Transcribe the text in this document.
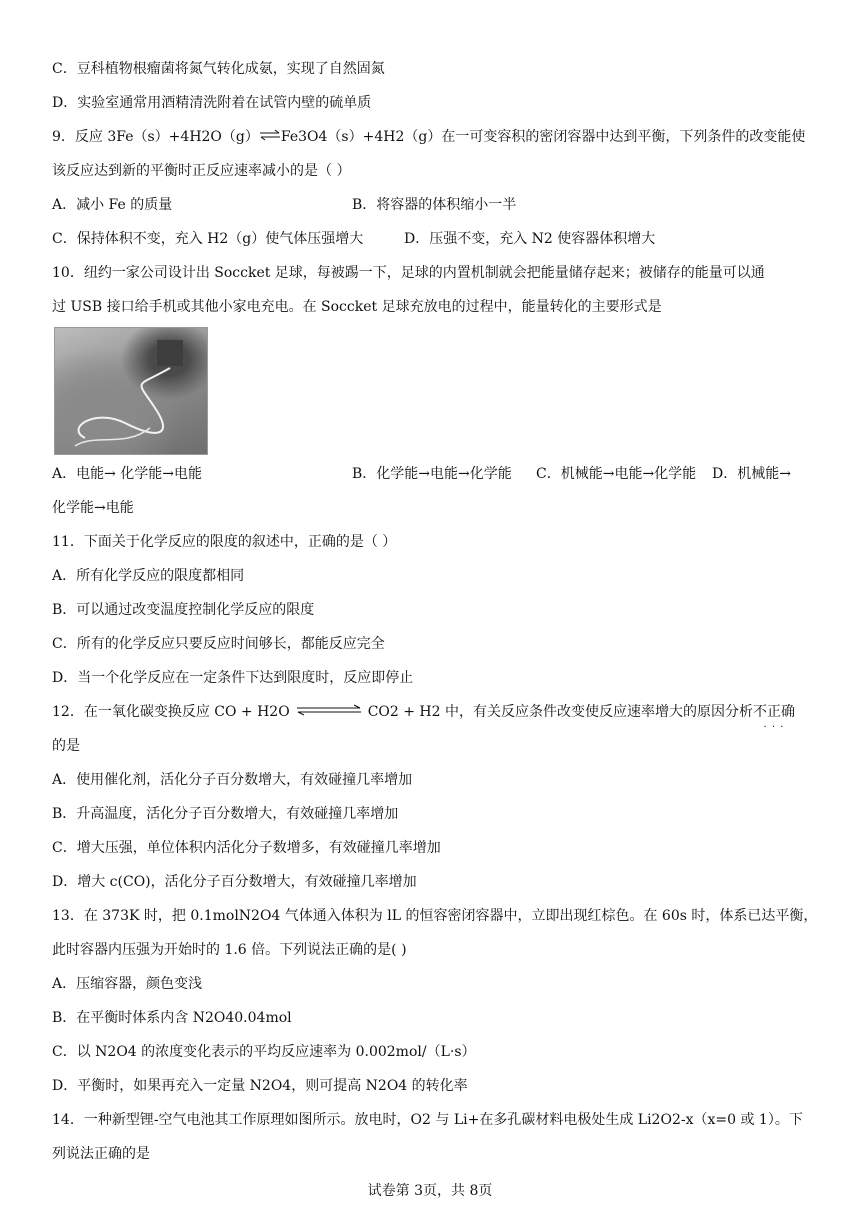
C．豆科植物根瘤菌将氮气转化成氨，实现了自然固氮
D．实验室通常用酒精清洗附着在试管内壁的硫单质
9．反应 3Fe（s）+4H2O（g）⇌Fe3O4（s）+4H2（g）在一可变容积的密闭容器中达到平衡，下列条件的改变能使
该反应达到新的平衡时正反应速率减小的是（ ）
A．减小 Fe 的质量	B．将容器的体积缩小一半
C．保持体积不变，充入 H2（g）使气体压强增大	D．压强不变，充入 N2 使容器体积增大
10．纽约一家公司设计出 Soccket 足球，每被踢一下，足球的内置机制就会把能量储存起来；被储存的能量可以通
过 USB 接口给手机或其他小家电充电。在 Soccket 足球充放电的过程中，能量转化的主要形式是
A．电能→ 化学能→电能	B．化学能→电能→化学能 C．机械能→电能→化学能 D．机械能→
化学能→电能
11．下面关于化学反应的限度的叙述中，正确的是（ ）
A．所有化学反应的限度都相同
B．可以通过改变温度控制化学反应的限度
C．所有的化学反应只要反应时间够长，都能反应完全
D．当一个化学反应在一定条件下达到限度时，反应即停止
12．在一氧化碳变换反应 CO + H2O	CO2 + H2 中，有关反应条件改变使反应速率增大的原因分析不正确 · · ·
的是
A．使用催化剂，活化分子百分数增大，有效碰撞几率增加
B．升高温度，活化分子百分数增大，有效碰撞几率增加
C．增大压强，单位体积内活化分子数增多，有效碰撞几率增加
D．增大 c(CO)，活化分子百分数增大，有效碰撞几率增加
13．在 373K 时，把 0.1molN2O4 气体通入体积为 lL 的恒容密闭容器中，立即出现红棕色。在 60s 时，体系已达平衡，
此时容器内压强为开始时的 1.6 倍。下列说法正确的是( )
A．压缩容器，颜色变浅
B．在平衡时体系内含 N2O40.04mol
C．以 N2O4 的浓度变化表示的平均反应速率为 0.002mol/（L·s）
D．平衡时，如果再充入一定量 N2O4，则可提高 N2O4 的转化率
14．一种新型锂-空气电池其工作原理如图所示。放电时，O2 与 Li+在多孔碳材料电极处生成 Li2O2-x（x=0 或 1）。下
列说法正确的是
试卷第 3页，共 8页
